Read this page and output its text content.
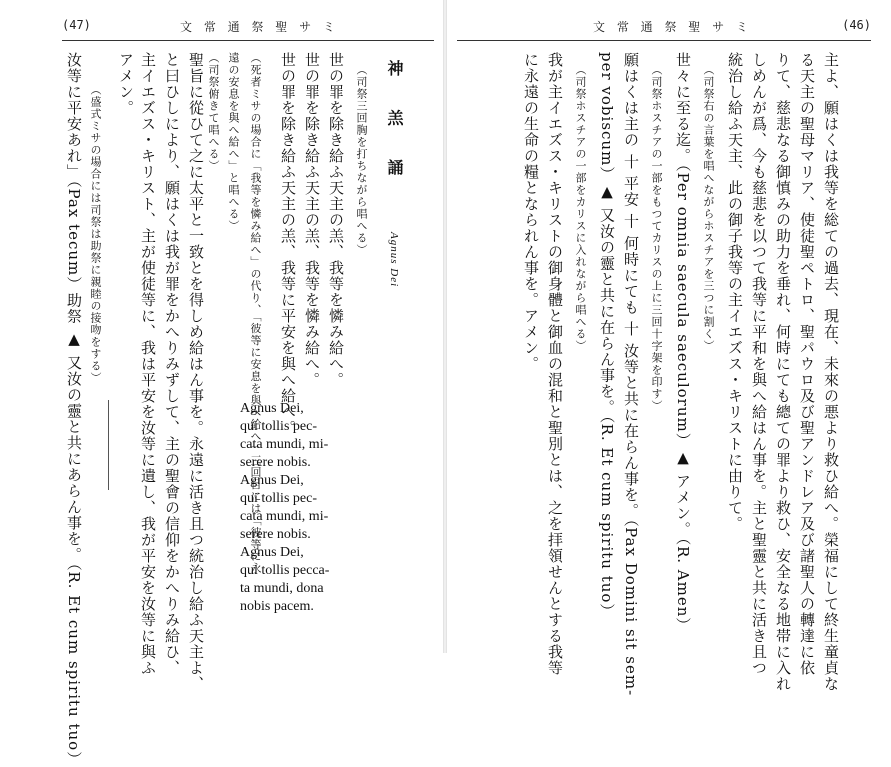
(47)	文 常 通 祭 聖 サ ミ
（盛式ミサの場合には司祭は助祭に親睦の接吻をする）
汝等に平安あれ」（Pax tecum）助祭 ▲ 又汝の靈と共にあらん事を。（R. Et cum spiritu tuo） アメン。 主イエズス・キリスト、主が使徒等に、我は平安を汝等に遺し、我が平安を汝等に與ふ と曰ひしにより、願はくは我が罪をかへりみずして、主の聖會の信仰をかへりみ給ひ、 聖旨に從ひて之に太平と一致とを得しめ給はん事を。永遠に活き且つ統治し給ふ天主よ、	（死者ミサの場合に「我等を憐み給へ」の代り、「彼等に安息を與へ給へ」三回目には「彼等に永
遠の安息を與へ給へ」と唱へる）
（司祭俯きて唱へる）	世の罪を除き給ふ天主の羔、我等に平安を與へ給へ。 世の罪を除き給ふ天主の羔、我等を憐み給へ。 世の罪を除き給ふ天主の羔、我等を憐み給へ。 （司祭三回胸を打ちながら唱へる） 神 羔 誦
Agnus Dei
Agnus Dei,
qui tollis pec-
cata mundi, mi-
serere nobis.
Agnus Dei,
qui tollis pec-
cata mundi, mi-
serere nobis.
Agnus Dei,
qui tollis pecca-
ta mundi, dona
nobis pacem.
文 常 通 祭 聖 サ ミ	(46)
主よ、願はくは我等を総ての過去、現在、未來の悪より救ひ給へ。榮福にして終生童貞な
る天主の聖母マリア、使徒聖ペトロ、聖パウロ及び聖アンドレア及び諸聖人の轉達に依
りて、慈悲なる御慎みの助力を垂れ、何時にても總ての罪より救ひ、安全なる地帯に入れ
しめんが爲、今も慈悲を以つて我等に平和を與へ給はん事を。主と聖靈と共に活き且つ
統治し給ふ天主、此の御子我等の主イエズス・キリストに由りて。
（司祭右の言葉を唱へながらホスチアを三つに割く）
世々に至る迄。（Per omnia saecula saeculorum）▲ アメン。（R. Amen）
（司祭ホスチアの一部をもつてカリスの上に三回十字架を印す）
願はくは主の 十 平安 十 何時にても 十 汝等と共に在らん事を。（Pax Domini sit sem-
per vobiscum）▲ 又汝の靈と共に在らん事を。（R. Et cum spiritu tuo）
（司祭ホスチアの一部をカリスに入れながら唱へる）
我が主イエズス・キリストの御身體と御血の混和と聖別とは、之を拝領せんとする我等
に永遠の生命の糧となられん事を。アメン。
